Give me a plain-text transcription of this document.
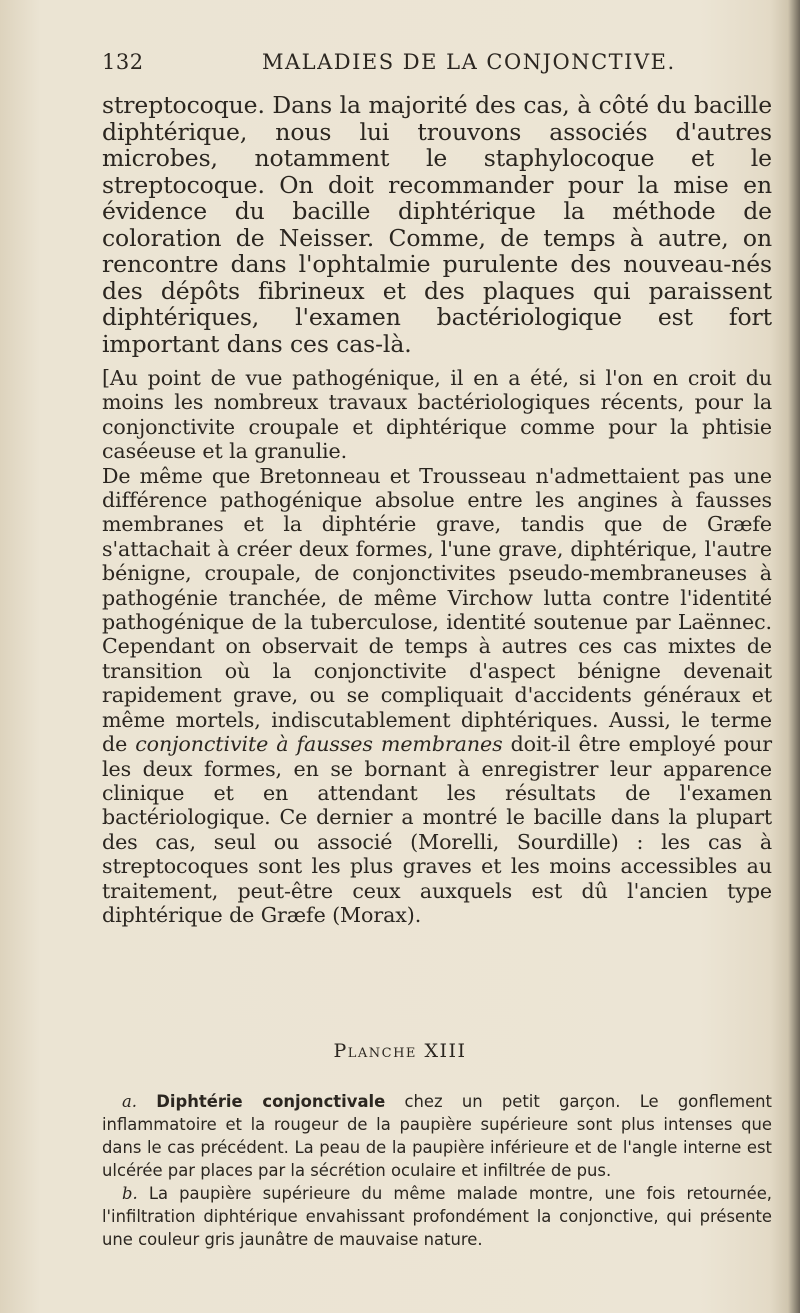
132	MALADIES DE LA CONJONCTIVE.

streptocoque. Dans la majorité des cas, à côté du bacille diphtérique, nous lui trouvons associés d'autres microbes, notamment le staphylocoque et le streptocoque. On doit recommander pour la mise en évidence du bacille diphtérique la méthode de coloration de Neisser. Comme, de temps à autre, on rencontre dans l'ophtalmie purulente des nouveau-nés des dépôts fibrineux et des plaques qui paraissent diphtériques, l'examen bactériologique est fort important dans ces cas-là.

[Au point de vue pathogénique, il en a été, si l'on en croit du moins les nombreux travaux bactériologiques récents, pour la conjonctivite croupale et diphtérique comme pour la phtisie caséeuse et la granulie.

De même que Bretonneau et Trousseau n'admettaient pas une différence pathogénique absolue entre les angines à fausses membranes et la diphtérie grave, tandis que de Græfe s'attachait à créer deux formes, l'une grave, diphtérique, l'autre bénigne, croupale, de conjonctivites pseudo-membraneuses à pathogénie tranchée, de même Virchow lutta contre l'identité pathogénique de la tuberculose, identité soutenue par Laënnec. Cependant on observait de temps à autres ces cas mixtes de transition où la conjonctivite d'aspect bénigne devenait rapidement grave, ou se compliquait d'accidents généraux et même mortels, indiscutablement diphtériques. Aussi, le terme de conjonctivite à fausses membranes doit-il être employé pour les deux formes, en se bornant à enregistrer leur apparence clinique et en attendant les résultats de l'examen bactériologique. Ce dernier a montré le bacille dans la plupart des cas, seul ou associé (Morelli, Sourdille) : les cas à streptocoques sont les plus graves et les moins accessibles au traitement, peut-être ceux auxquels est dû l'ancien type diphtérique de Græfe (Morax).

Planche XIII

a. Diphtérie conjonctivale chez un petit garçon. Le gonflement inflammatoire et la rougeur de la paupière supérieure sont plus intenses que dans le cas précédent. La peau de la paupière inférieure et de l'angle interne est ulcérée par places par la sécrétion oculaire et infiltrée de pus.

b. La paupière supérieure du même malade montre, une fois retournée, l'infiltration diphtérique envahissant profondément la conjonctive, qui présente une couleur gris jaunâtre de mauvaise nature.
